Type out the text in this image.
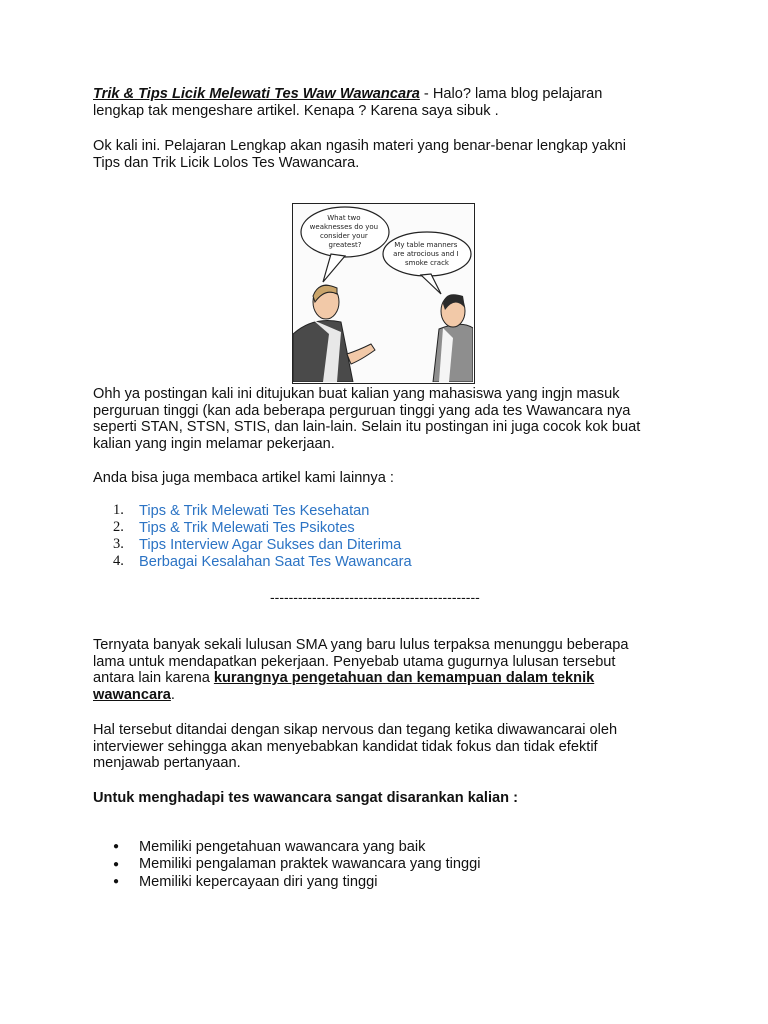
Trik & Tips Licik Melewati Tes Waw Wawancara - Halo? lama blog pelajaran

lengkap tak mengeshare artikel. Kenapa ? Karena saya sibuk .

Ok kali ini. Pelajaran Lengkap akan ngasih materi yang benar-benar lengkap yakni

Tips dan Trik Licik Lolos Tes Wawancara.

What two weaknesses do you consider your greatest?	My table manners are atrocious and I smoke crack

Ohh ya postingan kali ini ditujukan buat kalian yang mahasiswa yang ingjn masuk

perguruan tinggi (kan ada beberapa perguruan tinggi yang ada tes Wawancara nya

seperti STAN, STSN, STIS, dan lain-lain. Selain itu postingan ini juga cocok kok buat

kalian yang ingin melamar pekerjaan.

Anda bisa juga membaca artikel kami lainnya :

1.	Tips & Trik Melewati Tes Kesehatan
2.	Tips & Trik Melewati Tes Psikotes
3.	Tips Interview Agar Sukses dan Diterima
4.	Berbagai Kesalahan Saat Tes Wawancara
---------------------------------------------

Ternyata banyak sekali lulusan SMA yang baru lulus terpaksa menunggu beberapa

lama untuk mendapatkan pekerjaan. Penyebab utama gugurnya lulusan tersebut

antara lain karena kurangnya pengetahuan dan kemampuan dalam teknik

wawancara.

Hal tersebut ditandai dengan sikap nervous dan tegang ketika diwawancarai oleh

interviewer sehingga akan menyebabkan kandidat tidak fokus dan tidak efektif

menjawab pertanyaan.

Untuk menghadapi tes wawancara sangat disarankan kalian :

●	Memiliki pengetahuan wawancara yang baik
●	Memiliki pengalaman praktek wawancara yang tinggi
●	Memiliki kepercayaan diri yang tinggi
